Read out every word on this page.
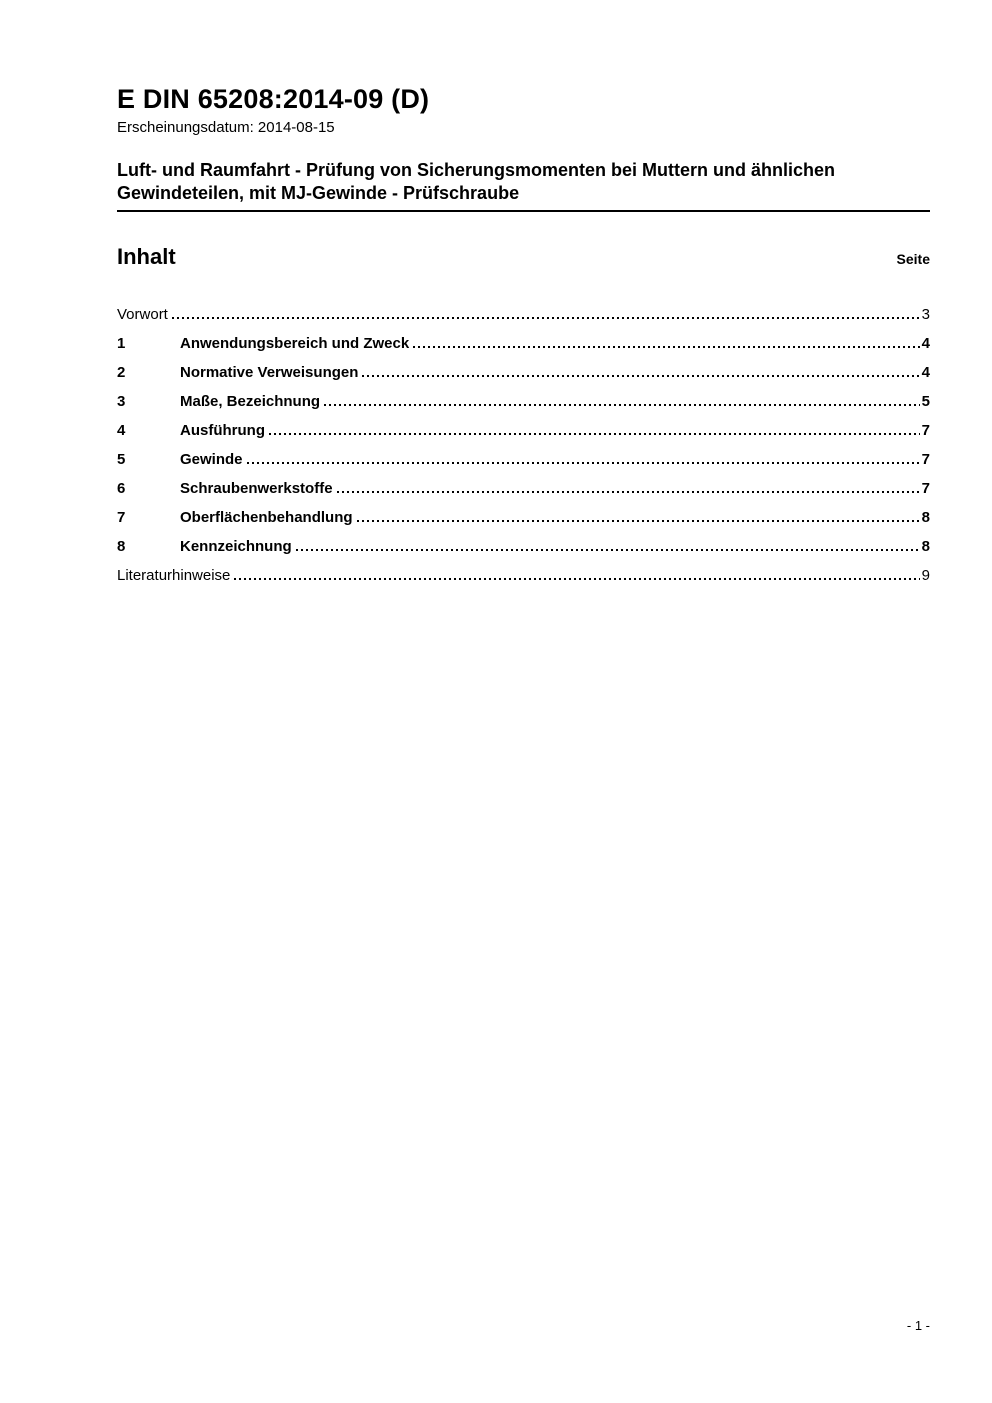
E DIN 65208:2014-09 (D)
Erscheinungsdatum: 2014-08-15
Luft- und Raumfahrt - Prüfung von Sicherungsmomenten bei Muttern und ähnlichen Gewindeteilen, mit MJ-Gewinde - Prüfschraube
Inhalt	Seite
Vorwort	3
1	Anwendungsbereich und Zweck	4
2	Normative Verweisungen	4
3	Maße, Bezeichnung	5
4	Ausführung	7
5	Gewinde	7
6	Schraubenwerkstoffe	7
7	Oberflächenbehandlung	8
8	Kennzeichnung	8
Literaturhinweise	9
- 1 -
